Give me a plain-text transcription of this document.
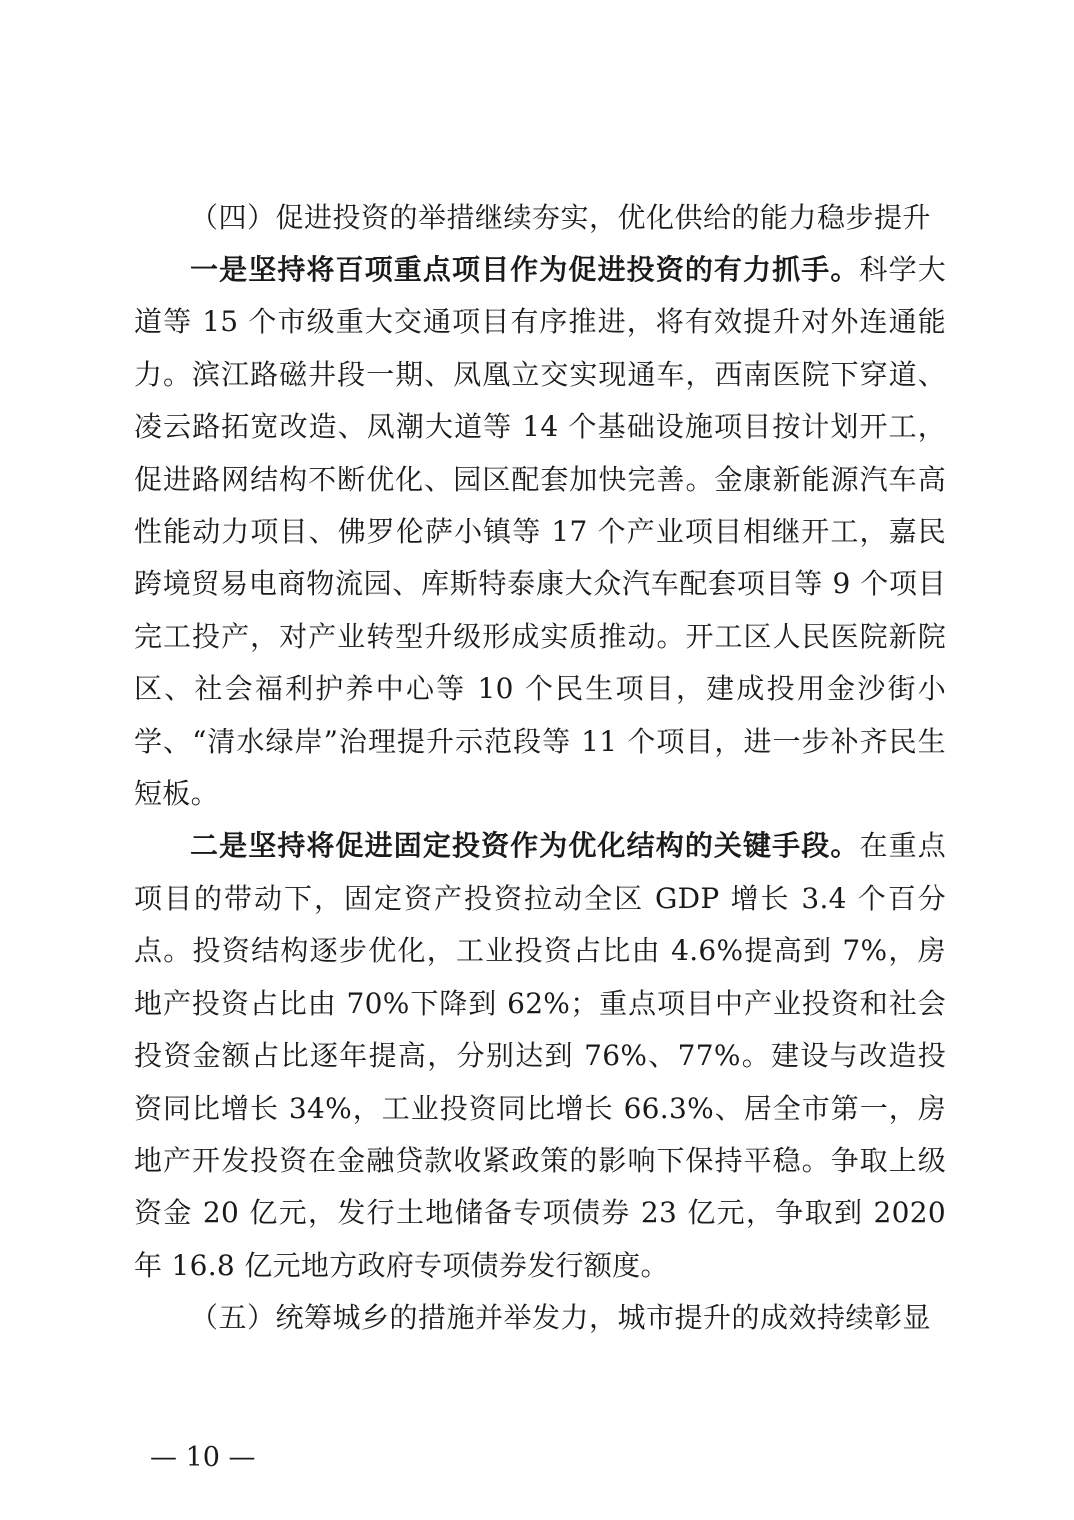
（四）促进投资的举措继续夯实，优化供给的能力稳步提升

一是坚持将百项重点项目作为促进投资的有力抓手。科学大道等 15 个市级重大交通项目有序推进，将有效提升对外连通能力。滨江路磁井段一期、凤凰立交实现通车，西南医院下穿道、凌云路拓宽改造、凤潮大道等 14 个基础设施项目按计划开工，促进路网结构不断优化、园区配套加快完善。金康新能源汽车高性能动力项目、佛罗伦萨小镇等 17 个产业项目相继开工，嘉民跨境贸易电商物流园、库斯特泰康大众汽车配套项目等 9 个项目完工投产，对产业转型升级形成实质推动。开工区人民医院新院区、社会福利护养中心等 10 个民生项目，建成投用金沙街小学、“清水绿岸”治理提升示范段等 11 个项目，进一步补齐民生短板。

二是坚持将促进固定投资作为优化结构的关键手段。在重点项目的带动下，固定资产投资拉动全区 GDP 增长 3.4 个百分点。投资结构逐步优化，工业投资占比由 4.6%提高到 7%，房地产投资占比由 70%下降到 62%；重点项目中产业投资和社会投资金额占比逐年提高，分别达到 76%、77%。建设与改造投资同比增长 34%，工业投资同比增长 66.3%、居全市第一，房地产开发投资在金融贷款收紧政策的影响下保持平稳。争取上级资金 20 亿元，发行土地储备专项债券 23 亿元，争取到 2020 年 16.8 亿元地方政府专项债券发行额度。

（五）统筹城乡的措施并举发力，城市提升的成效持续彰显

— 10 —
